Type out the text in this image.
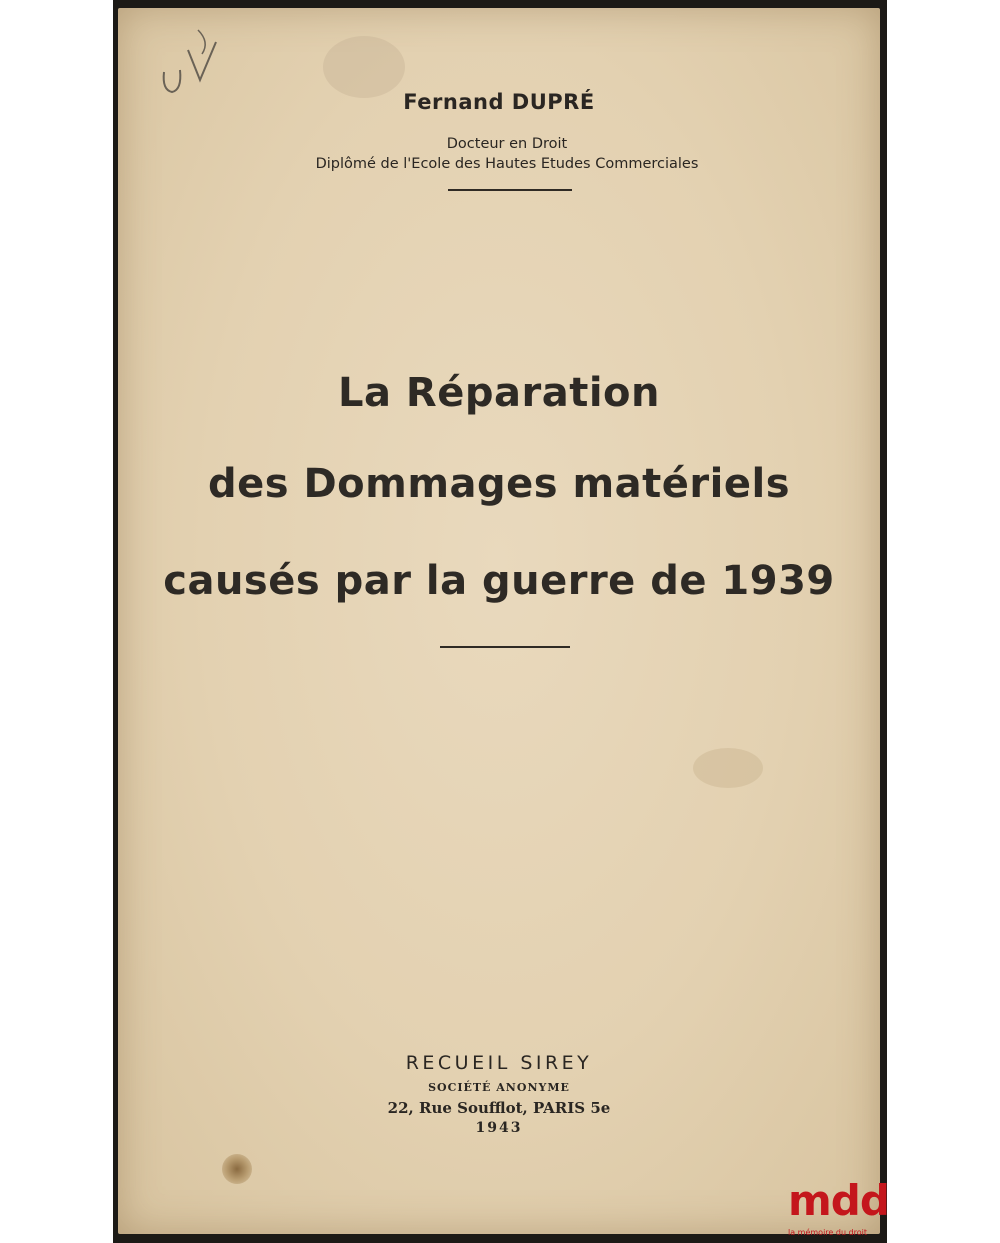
Fernand DUPRÉ
Docteur en Droit
Diplômé de l'Ecole des Hautes Etudes Commerciales
La Réparation
des Dommages matériels
causés par la guerre de 1939
RECUEIL SIREY
SOCIÉTÉ ANONYME
22, Rue Soufflot, PARIS 5e
1943
mdd
la mémoire du droit
